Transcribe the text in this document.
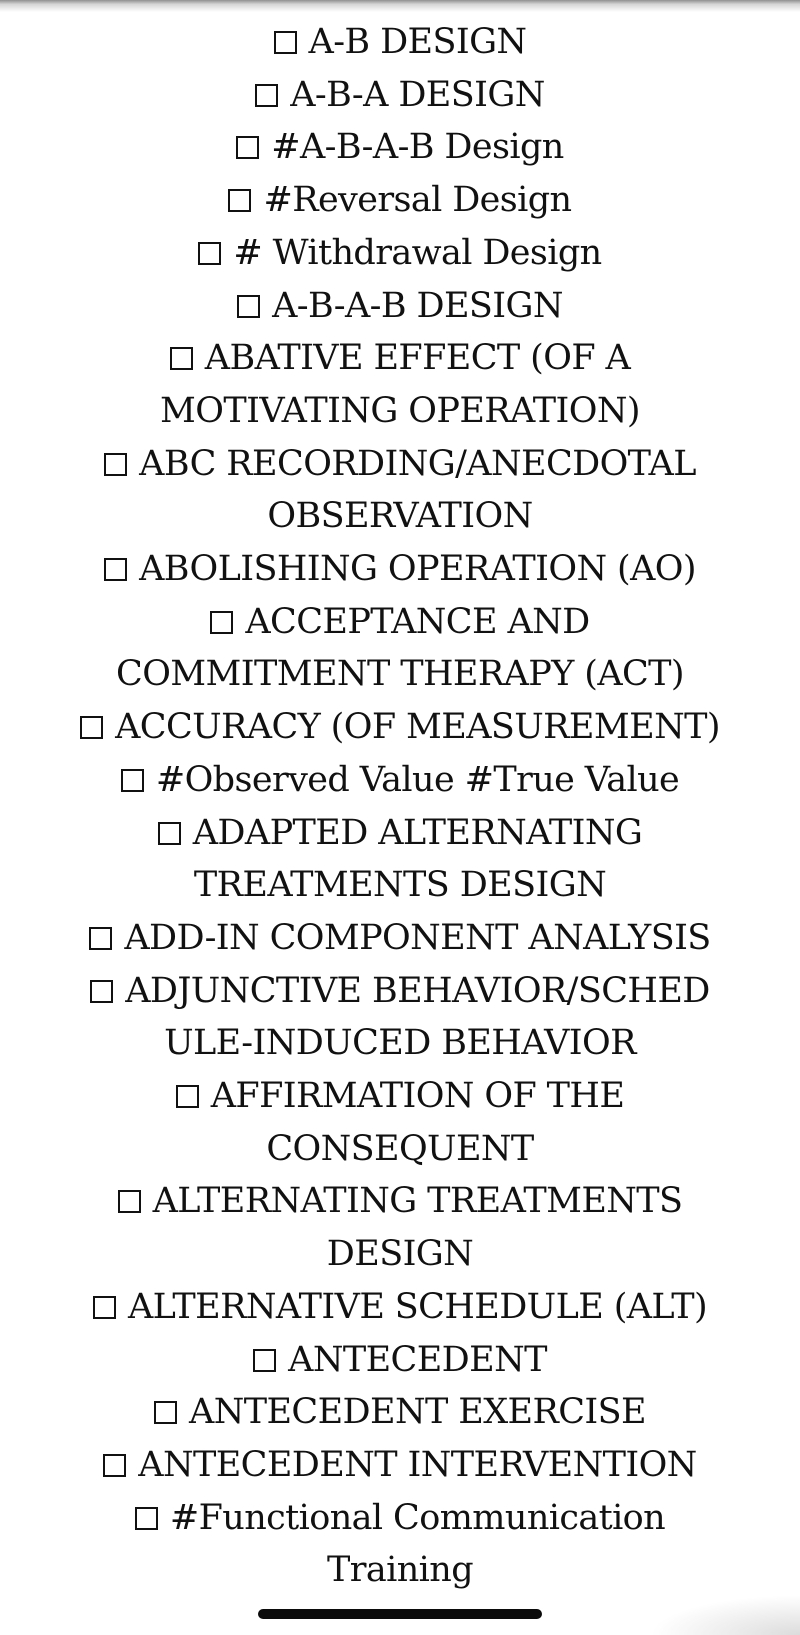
A-B DESIGN
A-B-A DESIGN
#A-B-A-B Design
#Reversal Design
# Withdrawal Design
A-B-A-B DESIGN
ABATIVE EFFECT (OF A MOTIVATING OPERATION)
ABC RECORDING/ANECDOTAL OBSERVATION
ABOLISHING OPERATION (AO)
ACCEPTANCE AND COMMITMENT THERAPY (ACT)
ACCURACY (OF MEASUREMENT)
#Observed Value #True Value
ADAPTED ALTERNATING TREATMENTS DESIGN
ADD-IN COMPONENT ANALYSIS
ADJUNCTIVE BEHAVIOR/SCHEDULE-INDUCED BEHAVIOR
AFFIRMATION OF THE CONSEQUENT
ALTERNATING TREATMENTS DESIGN
ALTERNATIVE SCHEDULE (ALT)
ANTECEDENT
ANTECEDENT EXERCISE
ANTECEDENT INTERVENTION
#Functional Communication Training
